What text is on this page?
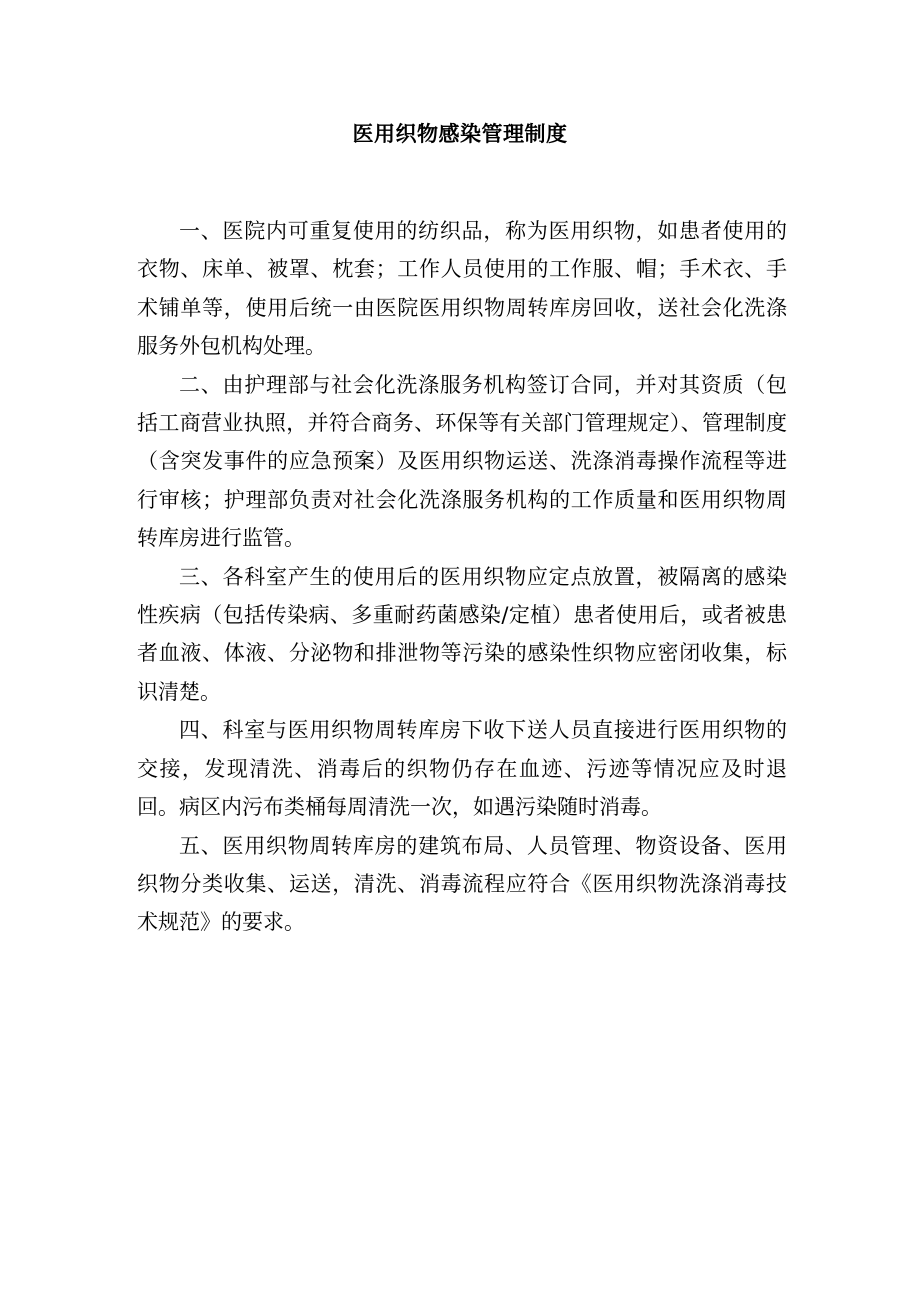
医用织物感染管理制度

一、医院内可重复使用的纺织品，称为医用织物，如患者使用的衣物、床单、被罩、枕套；工作人员使用的工作服、帽；手术衣、手术铺单等，使用后统一由医院医用织物周转库房回收，送社会化洗涤服务外包机构处理。

二、由护理部与社会化洗涤服务机构签订合同，并对其资质（包括工商营业执照，并符合商务、环保等有关部门管理规定）、管理制度（含突发事件的应急预案）及医用织物运送、洗涤消毒操作流程等进行审核；护理部负责对社会化洗涤服务机构的工作质量和医用织物周转库房进行监管。

三、各科室产生的使用后的医用织物应定点放置，被隔离的感染性疾病（包括传染病、多重耐药菌感染/定植）患者使用后，或者被患者血液、体液、分泌物和排泄物等污染的感染性织物应密闭收集，标识清楚。

四、科室与医用织物周转库房下收下送人员直接进行医用织物的交接，发现清洗、消毒后的织物仍存在血迹、污迹等情况应及时退回。病区内污布类桶每周清洗一次，如遇污染随时消毒。

五、医用织物周转库房的建筑布局、人员管理、物资设备、医用织物分类收集、运送，清洗、消毒流程应符合《医用织物洗涤消毒技术规范》的要求。
